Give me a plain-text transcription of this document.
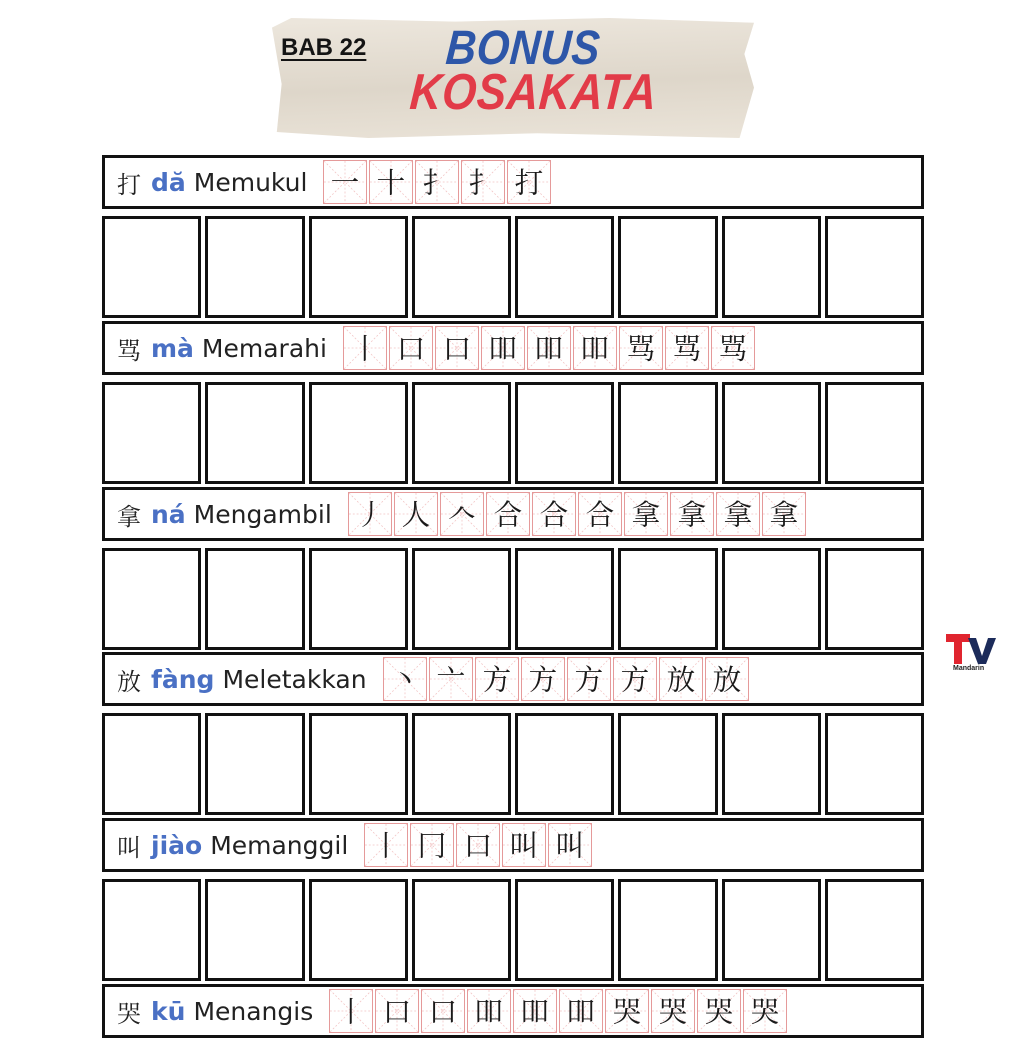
BAB 22 BONUS
KOSAKATA
打 dă Memukul 一 十 扌 扌 打
骂 mà Memarahi 丨 口 口 吅 吅 吅 骂 骂 骂
拿 ná Mengambil 丿 人 𠆢 合 合 合 拿 拿 拿 拿
放 fàng Meletakkan 丶 亠 方 方 方 方 放 放
叫 jiào Memanggil 丨 冂 口 叫 叫
哭 kū Menangis 丨 口 口 吅 吅 吅 哭 哭 哭 哭
Mandarin
